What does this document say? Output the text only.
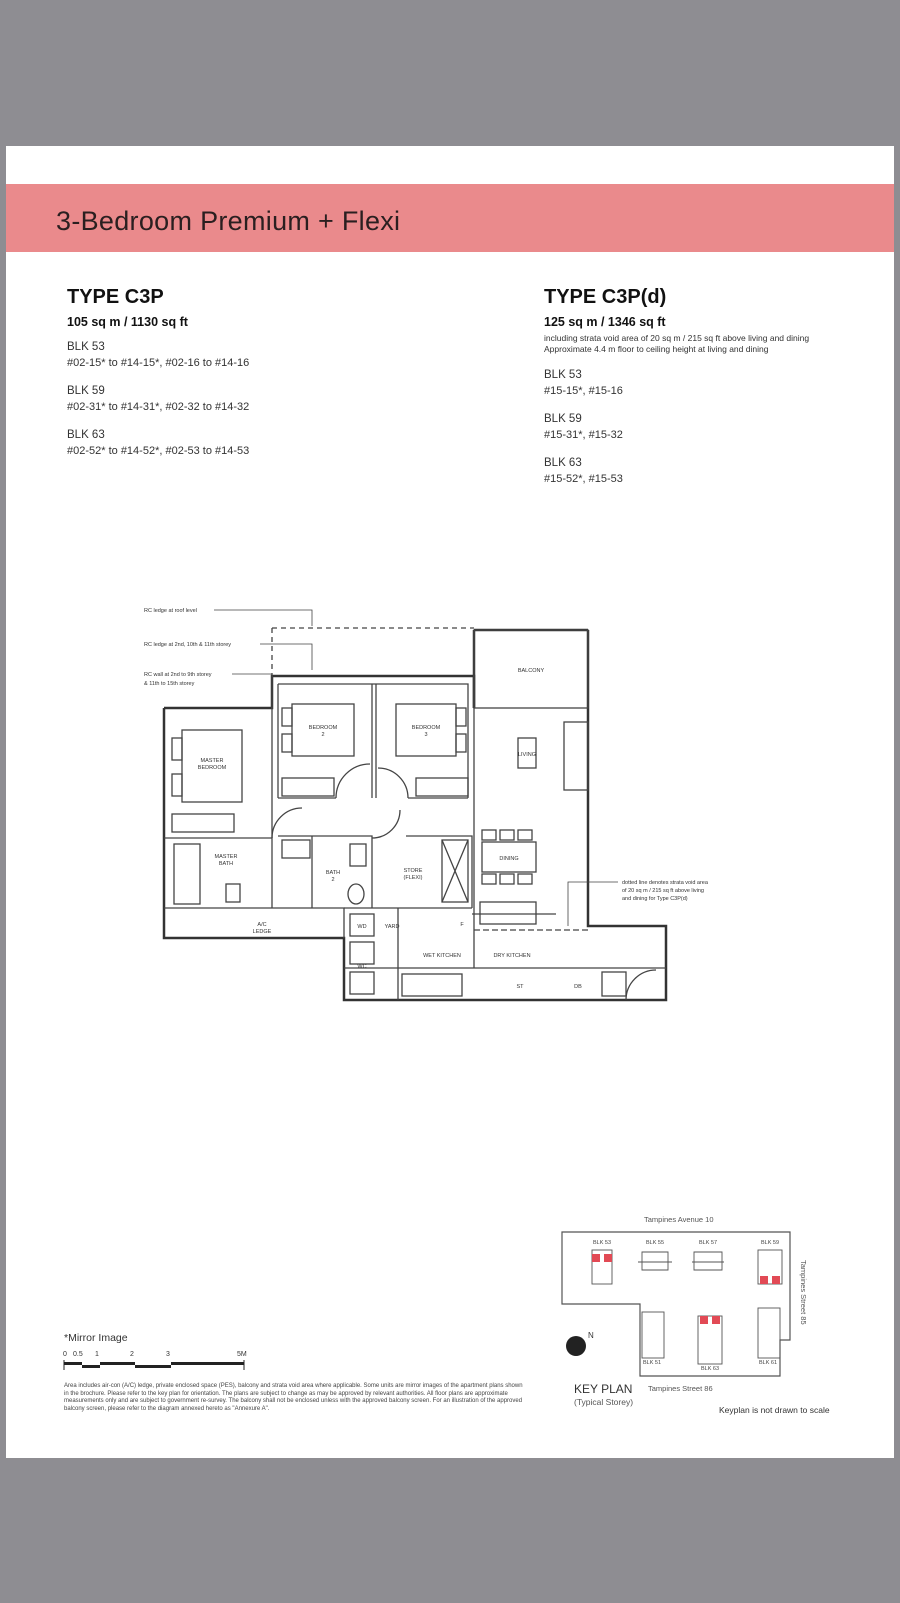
3-Bedroom Premium + Flexi
TYPE C3P
105 sq m / 1130 sq ft
BLK 53
#02-15* to #14-15*, #02-16 to #14-16
BLK 59
#02-31* to #14-31*, #02-32 to #14-32
BLK 63
#02-52* to #14-52*, #02-53 to #14-53
TYPE C3P(d)
125 sq m / 1346 sq ft
including strata void area of 20 sq m / 215 sq ft above living and dining
Approximate 4.4 m floor to ceiling height at living and dining
BLK 53
#15-15*, #15-16
BLK 59
#15-31*, #15-32
BLK 63
#15-52*, #15-53
RC ledge at roof level
RC ledge at 2nd, 10th & 11th storey
RC wall at 2nd to 9th storey
& 11th to 15th storey
dotted line denotes strata void area
of 20 sq m / 215 sq ft above living
and dining for Type C3P(d)
BALCONY
BEDROOM
2
BEDROOM
3
MASTER
BEDROOM
LIVING
MASTER
BATH
BATH
2
STORE
(FLEXI)
DINING
WD	YARD
A/C
LEDGE
WET KITCHEN	DRY KITCHEN
WC
ST	DB
F
*Mirror Image
0 0.5 1	2	3	5M
Area includes air-con (A/C) ledge, private enclosed space (PES), balcony and strata void area where applicable. Some units are mirror images of the apartment plans shown in the brochure. Please refer to the key plan for orientation. The plans are subject to change as may be approved by relevant authorities. All floor plans are approximate measurements only and are subject to government re-survey. The balcony shall not be enclosed unless with the approved balcony screen. For an illustration of the approved balcony screen, please refer to the diagram annexed hereto as "Annexure A".
Tampines Avenue 10
Tampines Street 86
Tampines Street 85
BLK 53	BLK 55	BLK 57	BLK 59
BLK 51
BLK 63
BLK 61
N
KEY PLAN
(Typical Storey)
Keyplan is not drawn to scale
